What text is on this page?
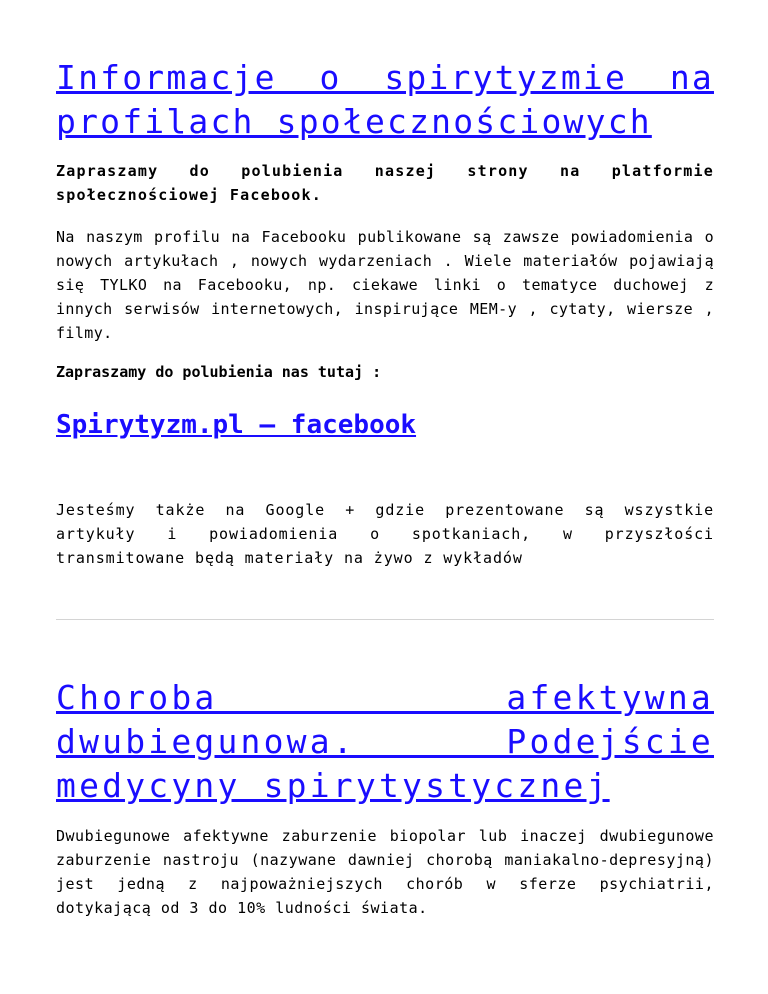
Informacje o spirytyzmie na profilach społecznościowych

Zapraszamy do polubienia naszej strony na platformie społecznościowej Facebook.

Na naszym profilu na Facebooku publikowane są zawsze powiadomienia o nowych artykułach , nowych wydarzeniach . Wiele materiałów pojawiają się TYLKO na Facebooku, np. ciekawe linki o tematyce duchowej z innych serwisów internetowych, inspirujące MEM-y , cytaty, wiersze , filmy.

Zapraszamy do polubienia nas tutaj :

Spirytyzm.pl – facebook

Jesteśmy także na Google + gdzie prezentowane są wszystkie artykuły i powiadomienia o spotkaniach, w przyszłości transmitowane będą materiały na żywo z wykładów

Choroba afektywna dwubiegunowa. Podejście medycyny spirytystycznej

Dwubiegunowe afektywne zaburzenie biopolar lub inaczej dwubiegunowe zaburzenie nastroju (nazywane dawniej chorobą maniakalno-depresyjną) jest jedną z najpoważniejszych chorób w sferze psychiatrii, dotykającą od 3 do 10% ludności świata.
